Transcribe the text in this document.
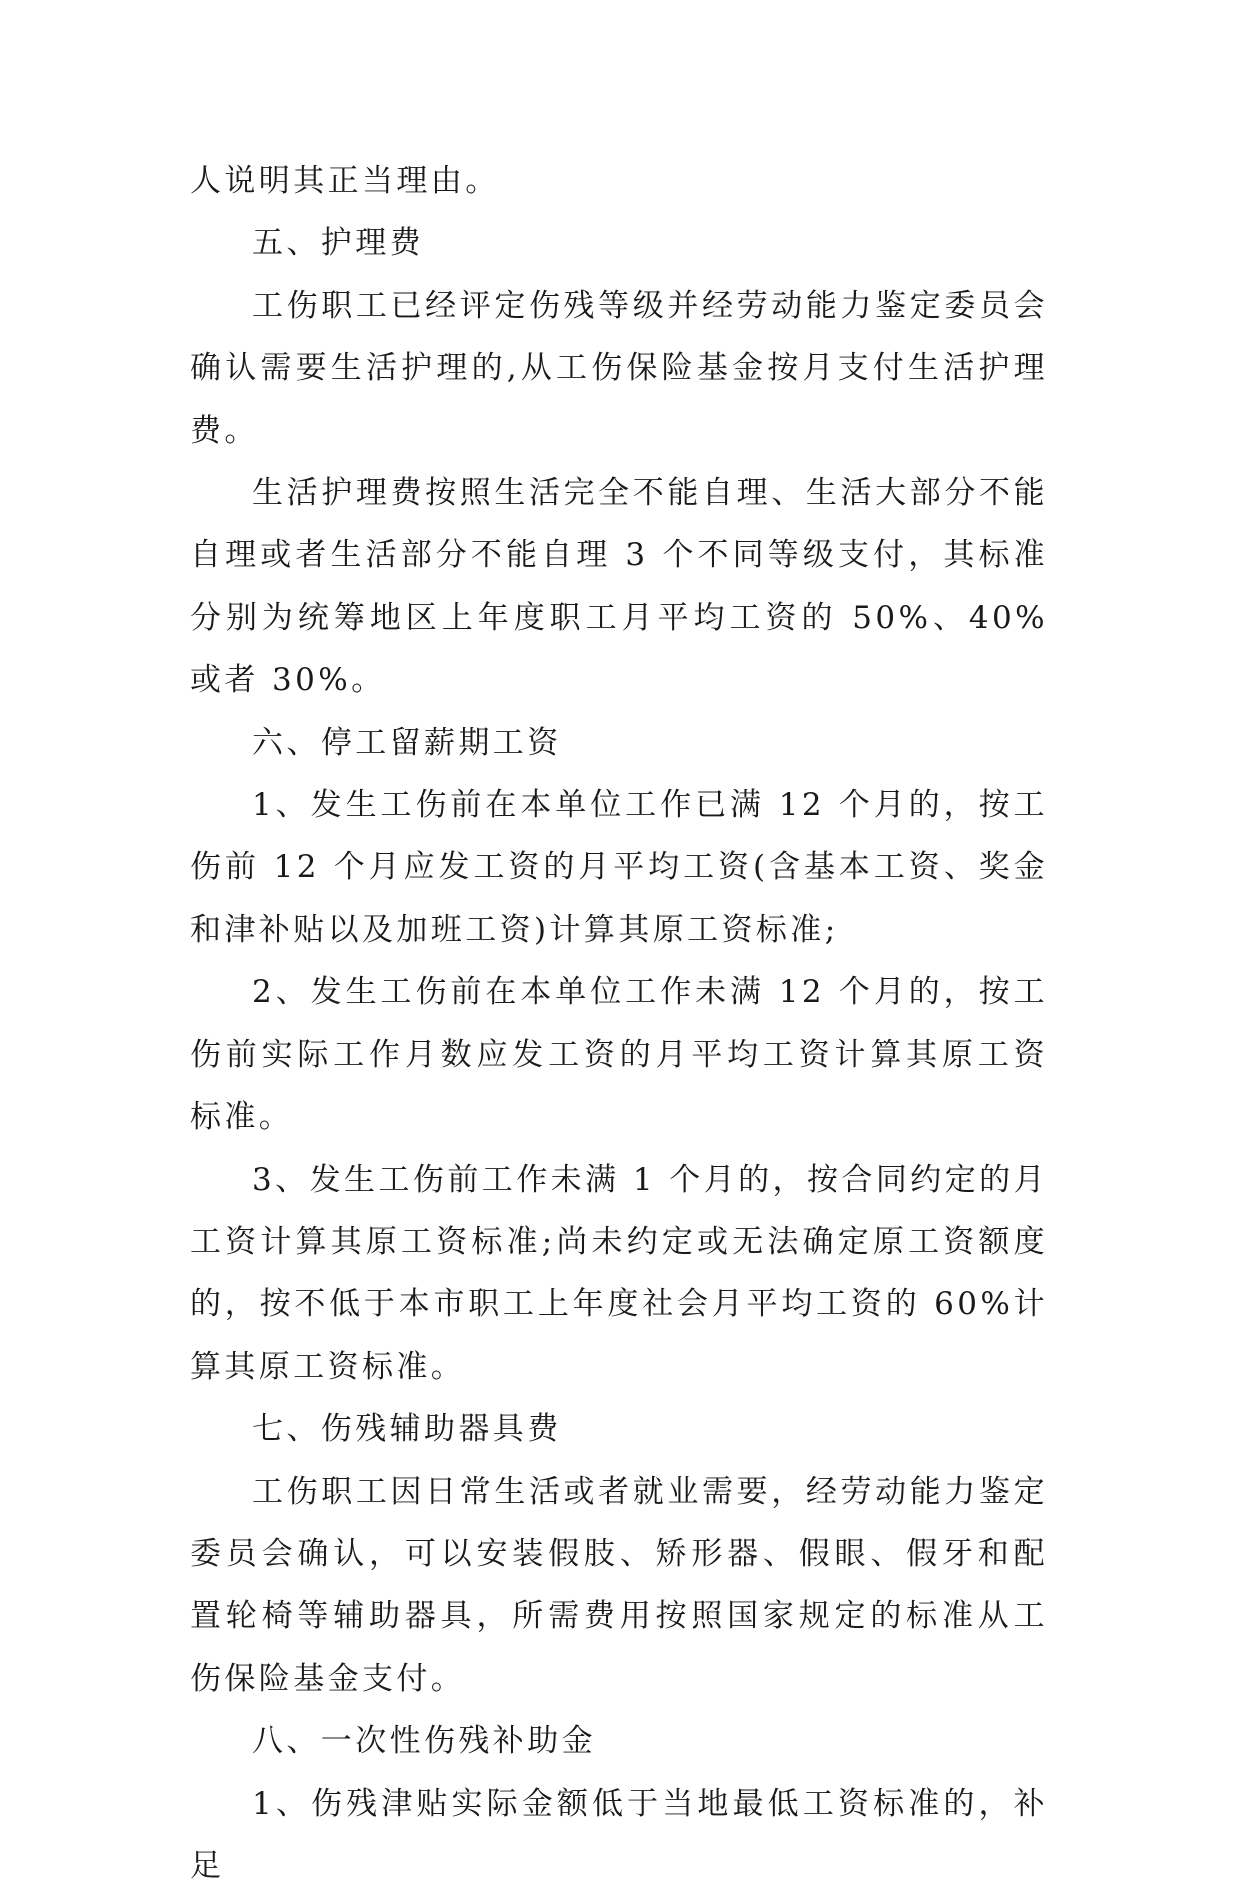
人说明其正当理由。

五、护理费

工伤职工已经评定伤残等级并经劳动能力鉴定委员会确认需要生活护理的,从工伤保险基金按月支付生活护理费。

生活护理费按照生活完全不能自理、生活大部分不能自理或者生活部分不能自理 3 个不同等级支付，其标准分别为统筹地区上年度职工月平均工资的 50%、40%或者 30%。

六、停工留薪期工资

1、发生工伤前在本单位工作已满 12 个月的，按工伤前 12 个月应发工资的月平均工资(含基本工资、奖金和津补贴以及加班工资)计算其原工资标准;

2、发生工伤前在本单位工作未满 12 个月的，按工伤前实际工作月数应发工资的月平均工资计算其原工资标准。

3、发生工伤前工作未满 1 个月的，按合同约定的月工资计算其原工资标准;尚未约定或无法确定原工资额度的，按不低于本市职工上年度社会月平均工资的 60%计算其原工资标准。

七、伤残辅助器具费

工伤职工因日常生活或者就业需要，经劳动能力鉴定委员会确认，可以安装假肢、矫形器、假眼、假牙和配置轮椅等辅助器具，所需费用按照国家规定的标准从工伤保险基金支付。

八、一次性伤残补助金

1、伤残津贴实际金额低于当地最低工资标准的，补足
